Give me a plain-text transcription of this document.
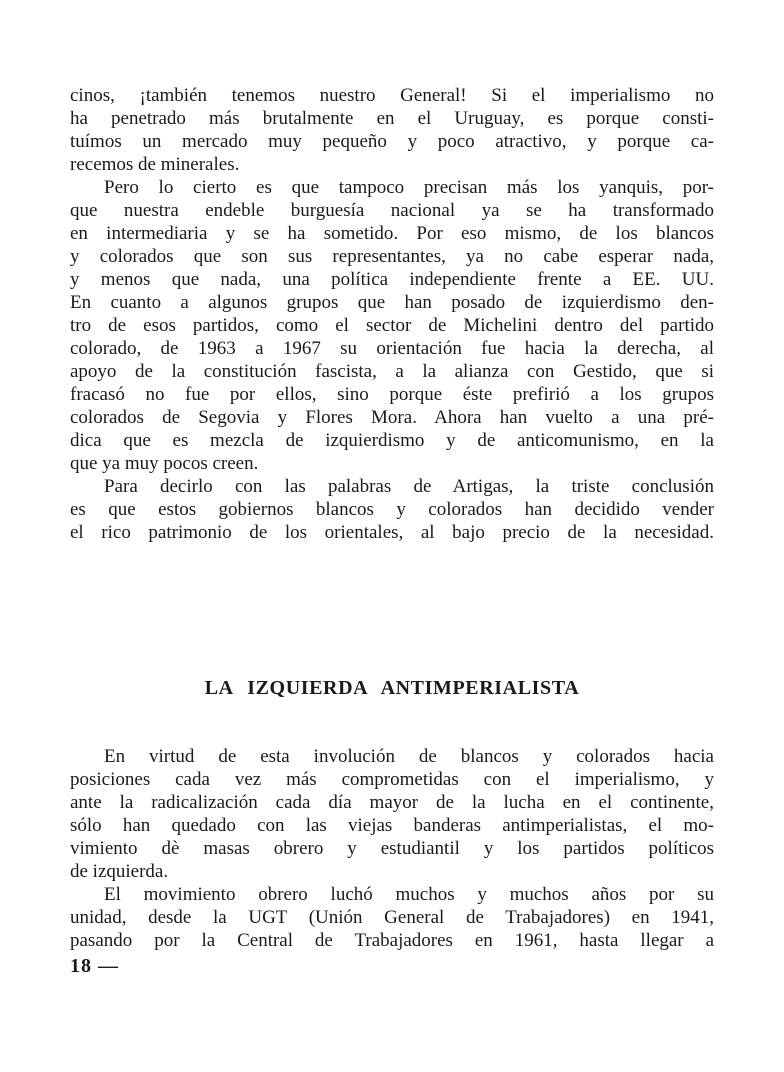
cinos, ¡también tenemos nuestro General! Si el imperialismo no
ha penetrado más brutalmente en el Uruguay, es porque consti-
tuímos un mercado muy pequeño y poco atractivo, y porque ca-
recemos de minerales.
Pero lo cierto es que tampoco precisan más los yanquis, por-
que nuestra endeble burguesía nacional ya se ha transformado
en intermediaria y se ha sometido. Por eso mismo, de los blancos
y colorados que son sus representantes, ya no cabe esperar nada,
y menos que nada, una política independiente frente a EE. UU.
En cuanto a algunos grupos que han posado de izquierdismo den-
tro de esos partidos, como el sector de Michelini dentro del partido
colorado, de 1963 a 1967 su orientación fue hacia la derecha, al
apoyo de la constitución fascista, a la alianza con Gestido, que si
fracasó no fue por ellos, sino porque éste prefirió a los grupos
colorados de Segovia y Flores Mora. Ahora han vuelto a una pré-
dica que es mezcla de izquierdismo y de anticomunismo, en la
que ya muy pocos creen.
Para decirlo con las palabras de Artigas, la triste conclusión
es que estos gobiernos blancos y colorados han decidido vender
el rico patrimonio de los orientales, al bajo precio de la necesidad.
LA IZQUIERDA ANTIMPERIALISTA
En virtud de esta involución de blancos y colorados hacia
posiciones cada vez más comprometidas con el imperialismo, y
ante la radicalización cada día mayor de la lucha en el continente,
sólo han quedado con las viejas banderas antimperialistas, el mo-
vimiento dè masas obrero y estudiantil y los partidos políticos
de izquierda.
El movimiento obrero luchó muchos y muchos años por su
unidad, desde la UGT (Unión General de Trabajadores) en 1941,
pasando por la Central de Trabajadores en 1961, hasta llegar a
18 —
